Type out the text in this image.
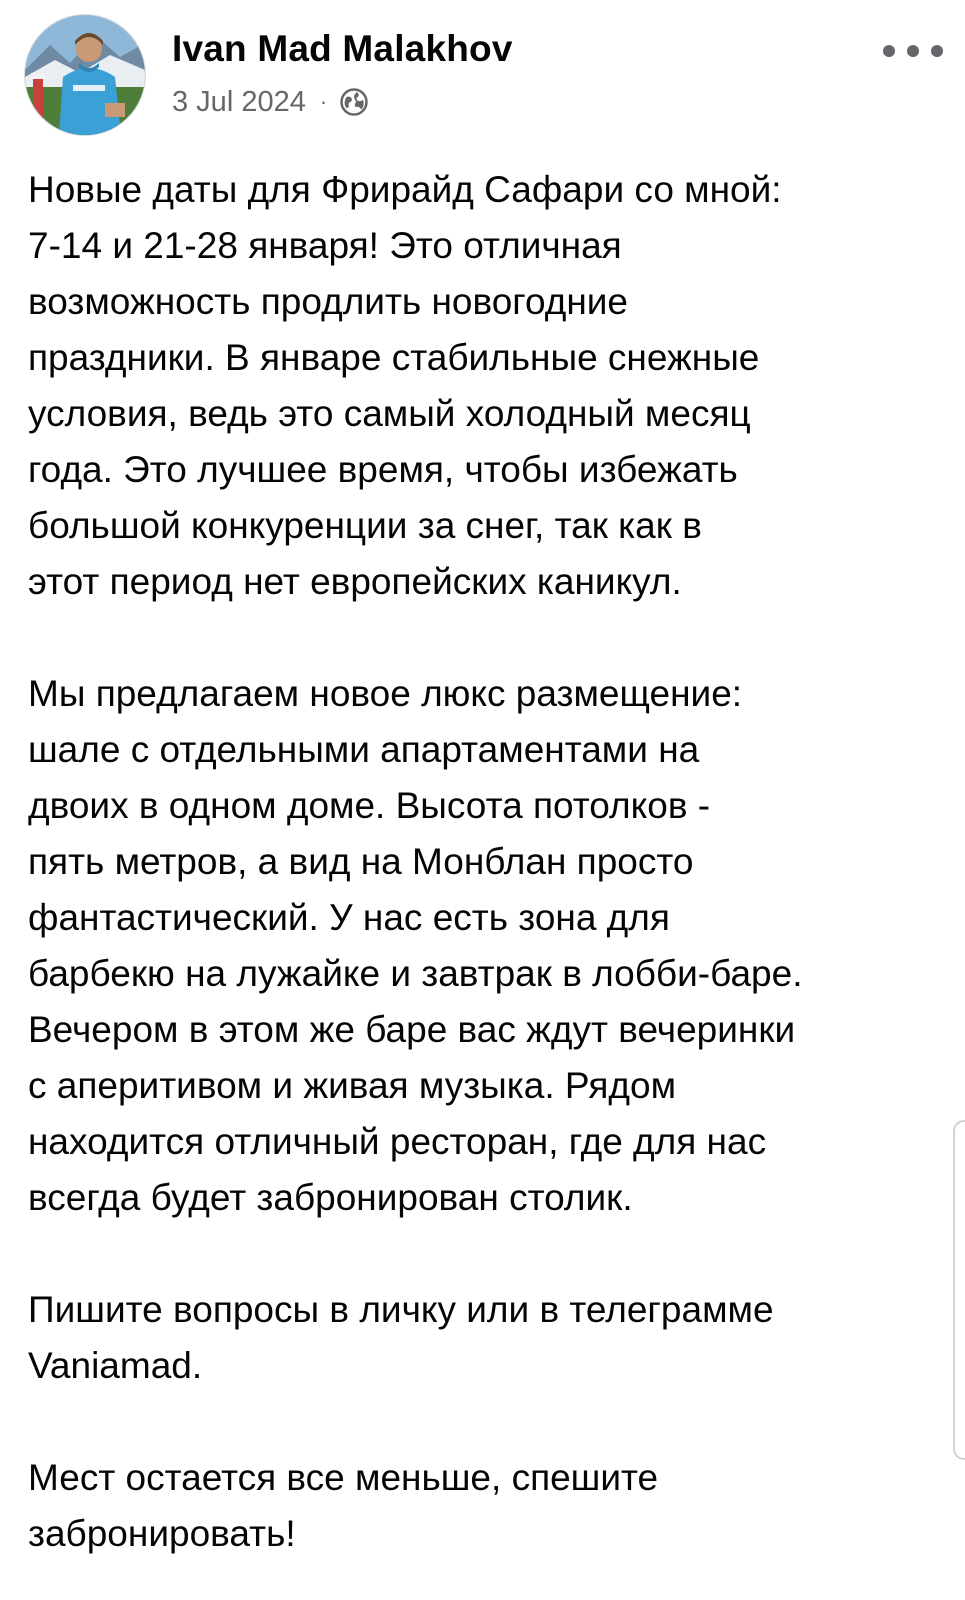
Ivan Mad Malakhov
3 Jul 2024 ·

Новые даты для Фрирайд Сафари со мной:
7-14 и 21-28 января! Это отличная
возможность продлить новогодние
праздники. В январе стабильные снежные
условия, ведь это самый холодный месяц
года. Это лучшее время, чтобы избежать
большой конкуренции за снег, так как в
этот период нет европейских каникул.

Мы предлагаем новое люкс размещение:
шале с отдельными апартаментами на
двоих в одном доме. Высота потолков -
пять метров, а вид на Монблан просто
фантастический. У нас есть зона для
барбекю на лужайке и завтрак в лобби-баре.
Вечером в этом же баре вас ждут вечеринки
с аперитивом и живая музыка. Рядом
находится отличный ресторан, где для нас
всегда будет забронирован столик.

Пишите вопросы в личку или в телеграмме
Vaniamad.

Мест остается все меньше, спешите
забронировать!
